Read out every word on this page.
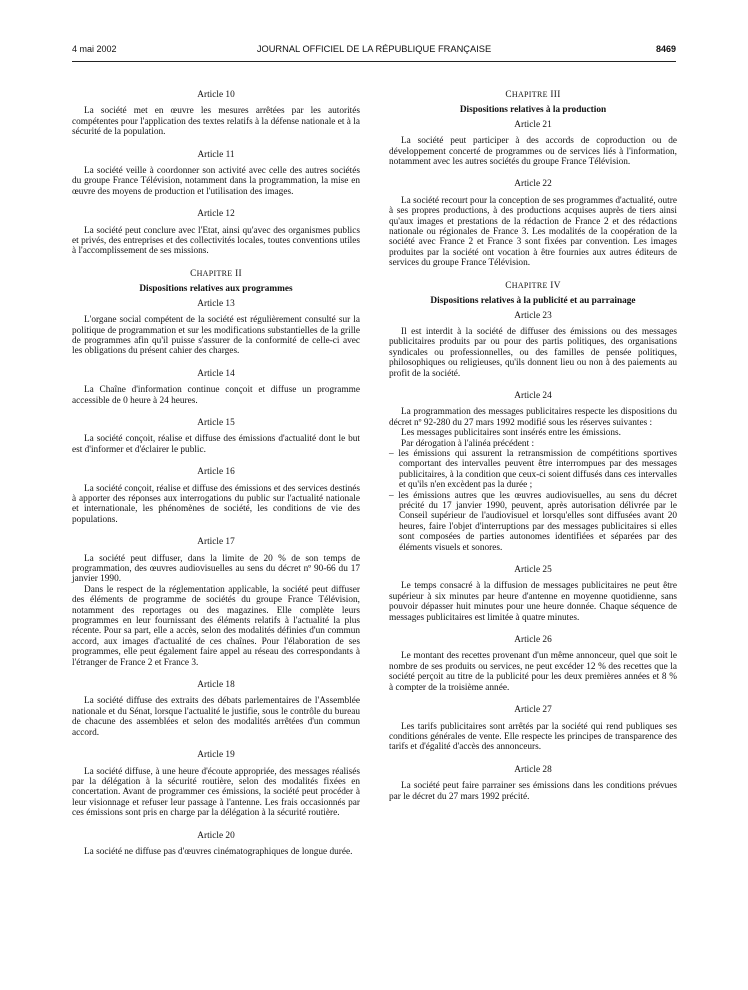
4 mai 2002	JOURNAL OFFICIEL DE LA RÉPUBLIQUE FRANÇAISE	8469
Article 10

La société met en œuvre les mesures arrêtées par les autorités compétentes pour l'application des textes relatifs à la défense nationale et à la sécurité de la population.

Article 11

La société veille à coordonner son activité avec celle des autres sociétés du groupe France Télévision, notamment dans la programmation, la mise en œuvre des moyens de production et l'utilisation des images.

Article 12

La société peut conclure avec l'Etat, ainsi qu'avec des organismes publics et privés, des entreprises et des collectivités locales, toutes conventions utiles à l'accomplissement de ses missions.

CHAPITRE II
Dispositions relatives aux programmes
Article 13

L'organe social compétent de la société est régulièrement consulté sur la politique de programmation et sur les modifications substantielles de la grille de programmes afin qu'il puisse s'assurer de la conformité de celle-ci avec les obligations du présent cahier des charges.

Article 14

La Chaîne d'information continue conçoit et diffuse un programme accessible de 0 heure à 24 heures.

Article 15

La société conçoit, réalise et diffuse des émissions d'actualité dont le but est d'informer et d'éclairer le public.

Article 16

La société conçoit, réalise et diffuse des émissions et des services destinés à apporter des réponses aux interrogations du public sur l'actualité nationale et internationale, les phénomènes de société, les conditions de vie des populations.

Article 17

La société peut diffuser, dans la limite de 20 % de son temps de programmation, des œuvres audiovisuelles au sens du décret nº 90-66 du 17 janvier 1990.

Dans le respect de la réglementation applicable, la société peut diffuser des éléments de programme de sociétés du groupe France Télévision, notamment des reportages ou des magazines. Elle complète leurs programmes en leur fournissant des éléments relatifs à l'actualité la plus récente. Pour sa part, elle a accès, selon des modalités définies d'un commun accord, aux images d'actualité de ces chaînes. Pour l'élaboration de ses programmes, elle peut également faire appel au réseau des correspondants à l'étranger de France 2 et France 3.

Article 18

La société diffuse des extraits des débats parlementaires de l'Assemblée nationale et du Sénat, lorsque l'actualité le justifie, sous le contrôle du bureau de chacune des assemblées et selon des modalités arrêtées d'un commun accord.

Article 19

La société diffuse, à une heure d'écoute appropriée, des messages réalisés par la délégation à la sécurité routière, selon des modalités fixées en concertation. Avant de programmer ces émissions, la société peut procéder à leur visionnage et refuser leur passage à l'antenne. Les frais occasionnés par ces émissions sont pris en charge par la délégation à la sécurité routière.

Article 20

La société ne diffuse pas d'œuvres cinématographiques de longue durée.

CHAPITRE III
Dispositions relatives à la production
Article 21

La société peut participer à des accords de coproduction ou de développement concerté de programmes ou de services liés à l'information, notamment avec les autres sociétés du groupe France Télévision.

Article 22

La société recourt pour la conception de ses programmes d'actualité, outre à ses propres productions, à des productions acquises auprès de tiers ainsi qu'aux images et prestations de la rédaction de France 2 et des rédactions nationale ou régionales de France 3. Les modalités de la coopération de la société avec France 2 et France 3 sont fixées par convention. Les images produites par la société ont vocation à être fournies aux autres éditeurs de services du groupe France Télévision.

CHAPITRE IV
Dispositions relatives à la publicité et au parrainage
Article 23

Il est interdit à la société de diffuser des émissions ou des messages publicitaires produits par ou pour des partis politiques, des organisations syndicales ou professionnelles, ou des familles de pensée politiques, philosophiques ou religieuses, qu'ils donnent lieu ou non à des paiements au profit de la société.

Article 24

La programmation des messages publicitaires respecte les dispositions du décret nº 92-280 du 27 mars 1992 modifié sous les réserves suivantes :

Les messages publicitaires sont insérés entre les émissions.

Par dérogation à l'alinéa précédent :

– les émissions qui assurent la retransmission de compétitions sportives comportant des intervalles peuvent être interrompues par des messages publicitaires, à la condition que ceux-ci soient diffusés dans ces intervalles et qu'ils n'en excèdent pas la durée ;

– les émissions autres que les œuvres audiovisuelles, au sens du décret précité du 17 janvier 1990, peuvent, après autorisation délivrée par le Conseil supérieur de l'audiovisuel et lorsqu'elles sont diffusées avant 20 heures, faire l'objet d'interruptions par des messages publicitaires si elles sont composées de parties autonomes identifiées et séparées par des éléments visuels et sonores.

Article 25

Le temps consacré à la diffusion de messages publicitaires ne peut être supérieur à six minutes par heure d'antenne en moyenne quotidienne, sans pouvoir dépasser huit minutes pour une heure donnée. Chaque séquence de messages publicitaires est limitée à quatre minutes.

Article 26

Le montant des recettes provenant d'un même annonceur, quel que soit le nombre de ses produits ou services, ne peut excéder 12 % des recettes que la société perçoit au titre de la publicité pour les deux premières années et 8 % à compter de la troisième année.

Article 27

Les tarifs publicitaires sont arrêtés par la société qui rend publiques ses conditions générales de vente. Elle respecte les principes de transparence des tarifs et d'égalité d'accès des annonceurs.

Article 28

La société peut faire parrainer ses émissions dans les conditions prévues par le décret du 27 mars 1992 précité.
